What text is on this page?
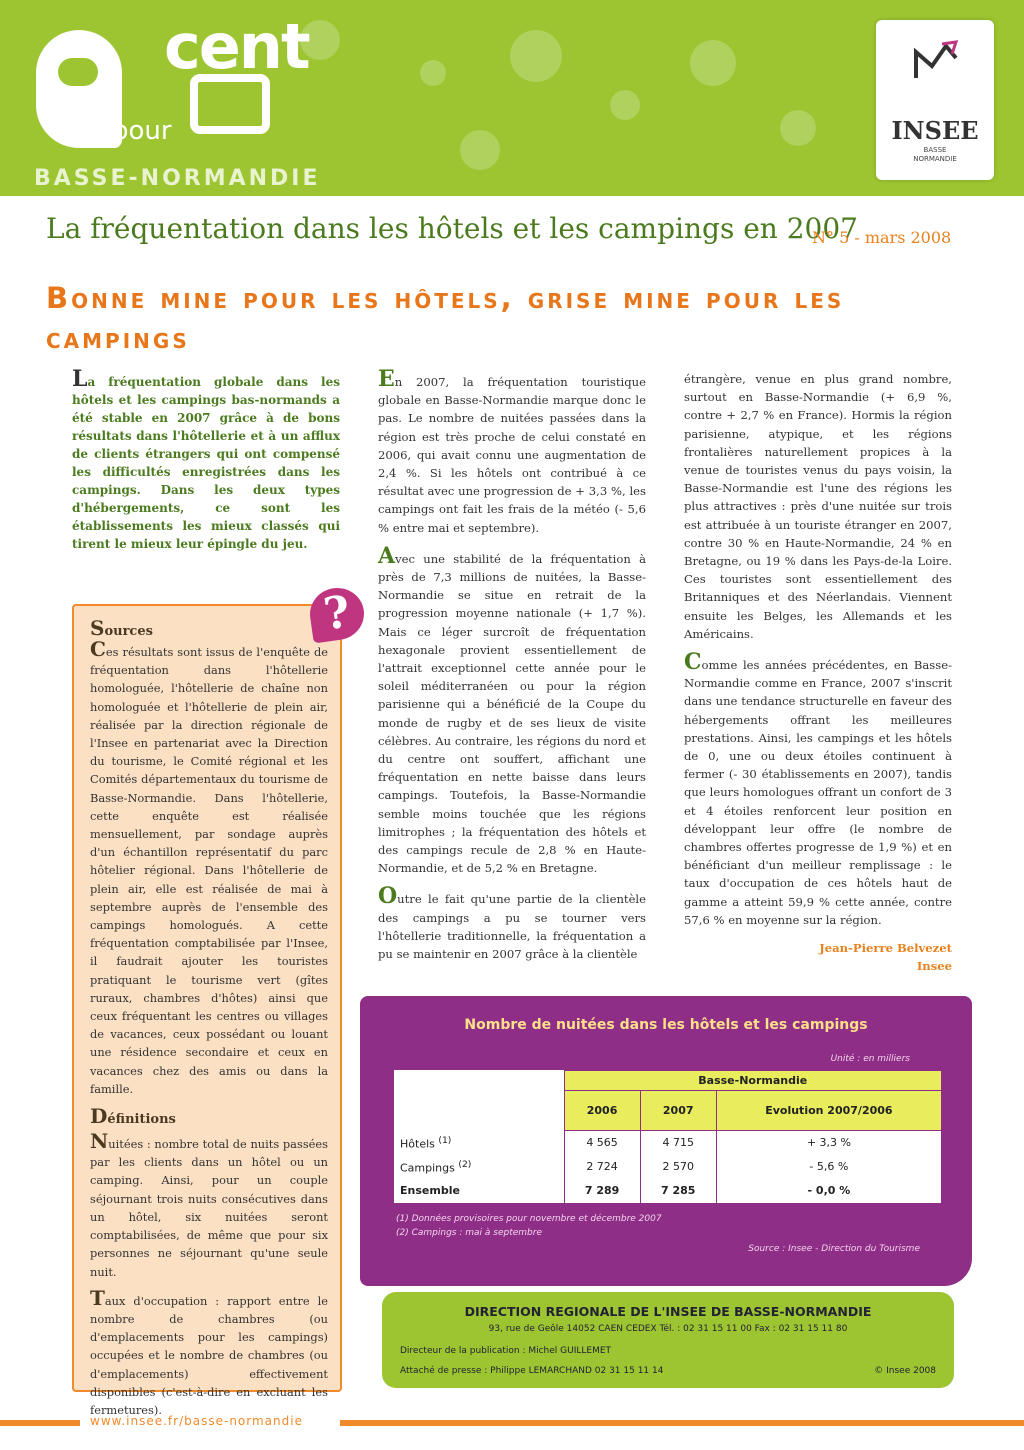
cent
pour
BASSE-NORMANDIE
INSEE
BASSE
NORMANDIE
La fréquentation dans les hôtels et les campings en 2007
N° 5 - mars 2008
Bonne mine pour les hôtels, grise mine pour les campings
La fréquentation globale dans les hôtels et les campings bas-normands a été stable en 2007 grâce à de bons résultats dans l'hôtellerie et à un afflux de clients étrangers qui ont compensé les difficultés enregistrées dans les campings. Dans les deux types d'hébergements, ce sont les établissements les mieux classés qui tirent le mieux leur épingle du jeu.
Sources

Ces résultats sont issus de l'enquête de fréquentation dans l'hôtellerie homologuée, l'hôtellerie de chaîne non homologuée et l'hôtellerie de plein air, réalisée par la direction régionale de l'Insee en partenariat avec la Direction du tourisme, le Comité régional et les Comités départementaux du tourisme de Basse-Normandie. Dans l'hôtellerie, cette enquête est réalisée mensuellement, par sondage auprès d'un échantillon représentatif du parc hôtelier régional. Dans l'hôtellerie de plein air, elle est réalisée de mai à septembre auprès de l'ensemble des campings homologués. A cette fréquentation comptabilisée par l'Insee, il faudrait ajouter les touristes pratiquant le tourisme vert (gîtes ruraux, chambres d'hôtes) ainsi que ceux fréquentant les centres ou villages de vacances, ceux possédant ou louant une résidence secondaire et ceux en vacances chez des amis ou dans la famille.

Définitions

Nuitées : nombre total de nuits passées par les clients dans un hôtel ou un camping. Ainsi, pour un couple séjournant trois nuits consécutives dans un hôtel, six nuitées seront comptabilisées, de même que pour six personnes ne séjournant qu'une seule nuit.

Taux d'occupation : rapport entre le nombre de chambres (ou d'emplacements pour les campings) occupées et le nombre de chambres (ou d'emplacements) effectivement disponibles (c'est-à-dire en excluant les fermetures).

?

En 2007, la fréquentation touristique globale en Basse-Normandie marque donc le pas. Le nombre de nuitées passées dans la région est très proche de celui constaté en 2006, qui avait connu une augmentation de 2,4 %. Si les hôtels ont contribué à ce résultat avec une progression de + 3,3 %, les campings ont fait les frais de la météo (- 5,6 % entre mai et septembre).

Avec une stabilité de la fréquentation à près de 7,3 millions de nuitées, la Basse-Normandie se situe en retrait de la progression moyenne nationale (+ 1,7 %). Mais ce léger surcroît de fréquentation hexagonale provient essentiellement de l'attrait exceptionnel cette année pour le soleil méditerranéen ou pour la région parisienne qui a bénéficié de la Coupe du monde de rugby et de ses lieux de visite célèbres. Au contraire, les régions du nord et du centre ont souffert, affichant une fréquentation en nette baisse dans leurs campings. Toutefois, la Basse-Normandie semble moins touchée que les régions limitrophes ; la fréquentation des hôtels et des campings recule de 2,8 % en Haute-Normandie, et de 5,2 % en Bretagne.

Outre le fait qu'une partie de la clientèle des campings a pu se tourner vers l'hôtellerie traditionnelle, la fréquentation a pu se maintenir en 2007 grâce à la clientèle

étrangère, venue en plus grand nombre, surtout en Basse-Normandie (+ 6,9 %, contre + 2,7 % en France). Hormis la région parisienne, atypique, et les régions frontalières naturellement propices à la venue de touristes venus du pays voisin, la Basse-Normandie est l'une des régions les plus attractives : près d'une nuitée sur trois est attribuée à un touriste étranger en 2007, contre 30 % en Haute-Normandie, 24 % en Bretagne, ou 19 % dans les Pays-de-la Loire. Ces touristes sont essentiellement des Britanniques et des Néerlandais. Viennent ensuite les Belges, les Allemands et les Américains.

Comme les années précédentes, en Basse-Normandie comme en France, 2007 s'inscrit dans une tendance structurelle en faveur des hébergements offrant les meilleures prestations. Ainsi, les campings et les hôtels de 0, une ou deux étoiles continuent à fermer (- 30 établissements en 2007), tandis que leurs homologues offrant un confort de 3 et 4 étoiles renforcent leur position en développant leur offre (le nombre de chambres offertes progresse de 1,9 %) et en bénéficiant d'un meilleur remplissage : le taux d'occupation de ces hôtels haut de gamme a atteint 59,9 % cette année, contre 57,6 % en moyenne sur la région.

Jean-Pierre Belvezet
Insee
Nombre de nuitées dans les hôtels et les campings
Unité : en milliers
	Basse-Normandie		
	2006	2007	Evolution 2007/2006
Hôtels $^{(1)}$	4 565	4 715	+ 3,3 %
Campings $^{(2)}$	2 724	2 570	- 5,6 %
Ensemble	7 289	7 285	- 0,0 %
(1) Données provisoires pour novembre et décembre 2007
(2) Campings : mai à septembre
Source : Insee - Direction du Tourisme
DIRECTION REGIONALE DE L'INSEE DE BASSE-NORMANDIE
93, rue de Geôle 14052 CAEN CEDEX Tél. : 02 31 15 11 00 Fax : 02 31 15 11 80
Directeur de la publication : Michel GUILLEMET
Attaché de presse : Philippe LEMARCHAND 02 31 15 11 14	© Insee 2008
www.insee.fr/basse-normandie
